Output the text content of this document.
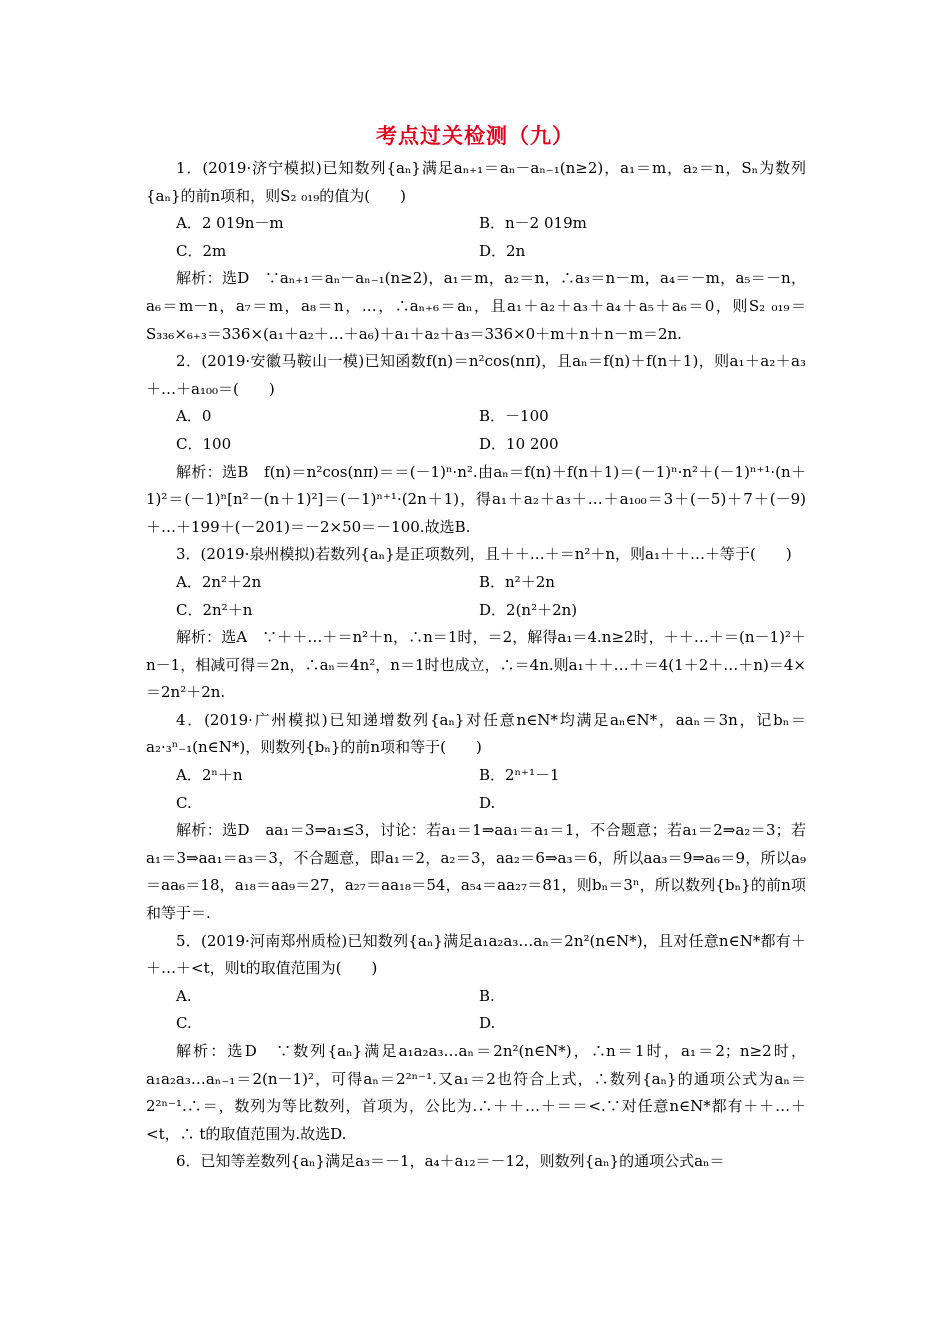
考点过关检测（九）

1．(2019·济宁模拟)已知数列{aₙ}满足aₙ₊₁＝aₙ－aₙ₋₁(n≥2)，a₁＝m，a₂＝n，Sₙ为数列{aₙ}的前n项和，则S₂ ₀₁₉的值为(　　)

A．2 019n－m	B．n－2 019m
C．2m	D．2n

解析：选D　∵aₙ₊₁＝aₙ－aₙ₋₁(n≥2)，a₁＝m，a₂＝n，∴a₃＝n－m，a₄＝－m，a₅＝－n，a₆＝m－n，a₇＝m，a₈＝n，…，∴aₙ₊₆＝aₙ，且a₁＋a₂＋a₃＋a₄＋a₅＋a₆＝0，则S₂ ₀₁₉＝S₃₃₆×₆₊₃＝336×(a₁＋a₂＋…＋a₆)＋a₁＋a₂＋a₃＝336×0＋m＋n＋n－m＝2n.

2．(2019·安徽马鞍山一模)已知函数f(n)＝n²cos(nπ)，且aₙ＝f(n)＋f(n＋1)，则a₁＋a₂＋a₃＋…＋a₁₀₀＝(　　)

A．0	B．－100
C．100	D．10 200

解析：选B　f(n)＝n²cos(nπ)＝＝(－1)ⁿ·n².由aₙ＝f(n)＋f(n＋1)＝(－1)ⁿ·n²＋(－1)ⁿ⁺¹·(n＋1)²＝(－1)ⁿ[n²－(n＋1)²]＝(－1)ⁿ⁺¹·(2n＋1)，得a₁＋a₂＋a₃＋…＋a₁₀₀＝3＋(－5)＋7＋(－9)＋…＋199＋(－201)＝－2×50＝－100.故选B.

3．(2019·泉州模拟)若数列{aₙ}是正项数列，且＋＋…＋＝n²＋n，则a₁＋＋…＋等于(　　)

A．2n²＋2n	B．n²＋2n
C．2n²＋n	D．2(n²＋2n)

解析：选A　∵＋＋…＋＝n²＋n，∴n＝1时，＝2，解得a₁＝4.n≥2时，＋＋…＋＝(n－1)²＋n－1，相减可得＝2n，∴aₙ＝4n²，n＝1时也成立，∴＝4n.则a₁＋＋…＋＝4(1＋2＋…＋n)＝4×＝2n²＋2n.

4．(2019·广州模拟)已知递增数列{aₙ}对任意n∈N*均满足aₙ∈N*，aaₙ＝3n，记bₙ＝a₂·₃ⁿ₋₁(n∈N*)，则数列{bₙ}的前n项和等于(　　)

A．2ⁿ＋n	B．2ⁿ⁺¹－1
C.	D.

解析：选D　aa₁＝3⇒a₁≤3，讨论：若a₁＝1⇒aa₁＝a₁＝1，不合题意；若a₁＝2⇒a₂＝3；若a₁＝3⇒aa₁＝a₃＝3，不合题意，即a₁＝2，a₂＝3，aa₂＝6⇒a₃＝6，所以aa₃＝9⇒a₆＝9，所以a₉＝aa₆＝18，a₁₈＝aa₉＝27，a₂₇＝aa₁₈＝54，a₅₄＝aa₂₇＝81，则bₙ＝3ⁿ，所以数列{bₙ}的前n项和等于＝.

5．(2019·河南郑州质检)已知数列{aₙ}满足a₁a₂a₃…aₙ＝2n²(n∈N*)，且对任意n∈N*都有＋＋…＋<t，则t的取值范围为(　　)

A.	B.
C.	D.

解析：选D　∵数列{aₙ}满足a₁a₂a₃…aₙ＝2n²(n∈N*)，∴n＝1时，a₁＝2；n≥2时，a₁a₂a₃…aₙ₋₁＝2(n－1)²，可得aₙ＝2²ⁿ⁻¹.又a₁＝2也符合上式，∴数列{aₙ}的通项公式为aₙ＝2²ⁿ⁻¹.∴＝，数列为等比数列，首项为，公比为.∴＋＋…＋＝＝<.∵对任意n∈N*都有＋＋…＋<t，∴ t的取值范围为.故选D.

6．已知等差数列{aₙ}满足a₃＝－1，a₄＋a₁₂＝－12，则数列{aₙ}的通项公式aₙ＝
